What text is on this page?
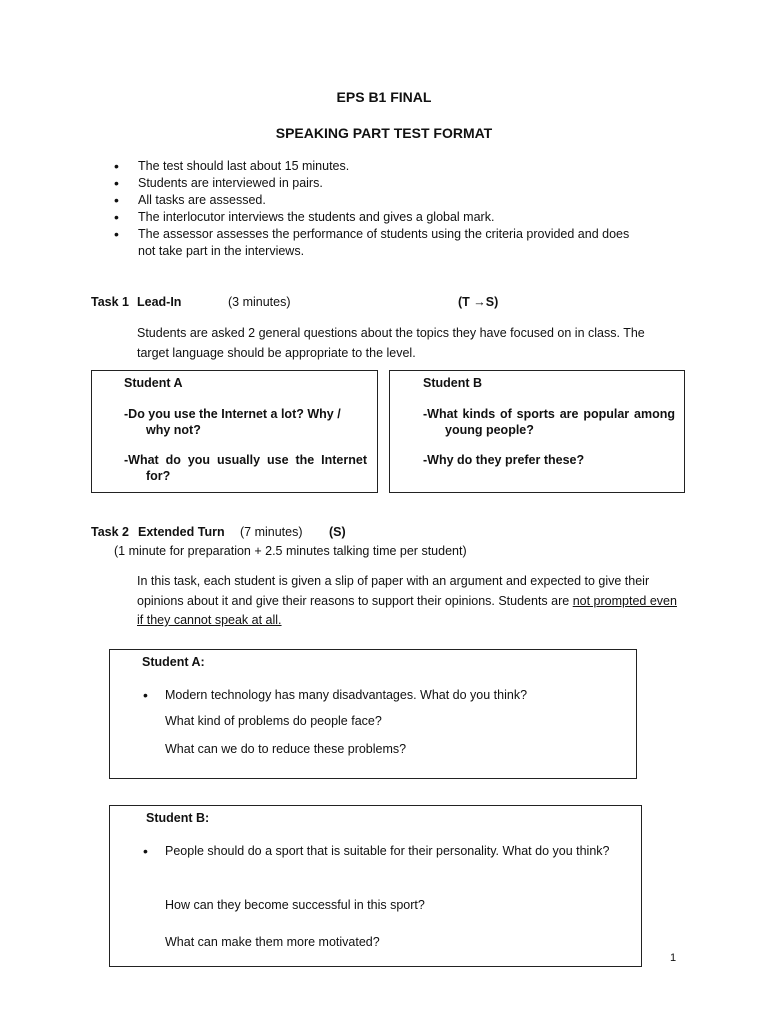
EPS B1 FINAL
SPEAKING PART TEST FORMAT
• The test should last about 15 minutes.
• Students are interviewed in pairs.
• All tasks are assessed.
• The interlocutor interviews the students and gives a global mark.
• The assessor assesses the performance of students using the criteria provided and does not take part in the interviews.
Task 1 Lead-In	(3 minutes)	(T →S)
Students are asked 2 general questions about the topics they have focused on in class. The target language should be appropriate to the level.
Student A
-Do you use the Internet a lot? Why /
why not?
-What do you usually use the Internet
for?
Student B
-What kinds of sports are popular among
young people?
-Why do they prefer these?
Task 2 Extended Turn (7 minutes) (S)
(1 minute for preparation + 2.5 minutes talking time per student)
In this task, each student is given a slip of paper with an argument and expected to give their opinions about it and give their reasons to support their opinions. Students are not prompted even if they cannot speak at all.
Student A:
• Modern technology has many disadvantages. What do you think?
What kind of problems do people face?
What can we do to reduce these problems?
Student B:
• People should do a sport that is suitable for their personality. What do you think?
How can they become successful in this sport?
What can make them more motivated?
1
